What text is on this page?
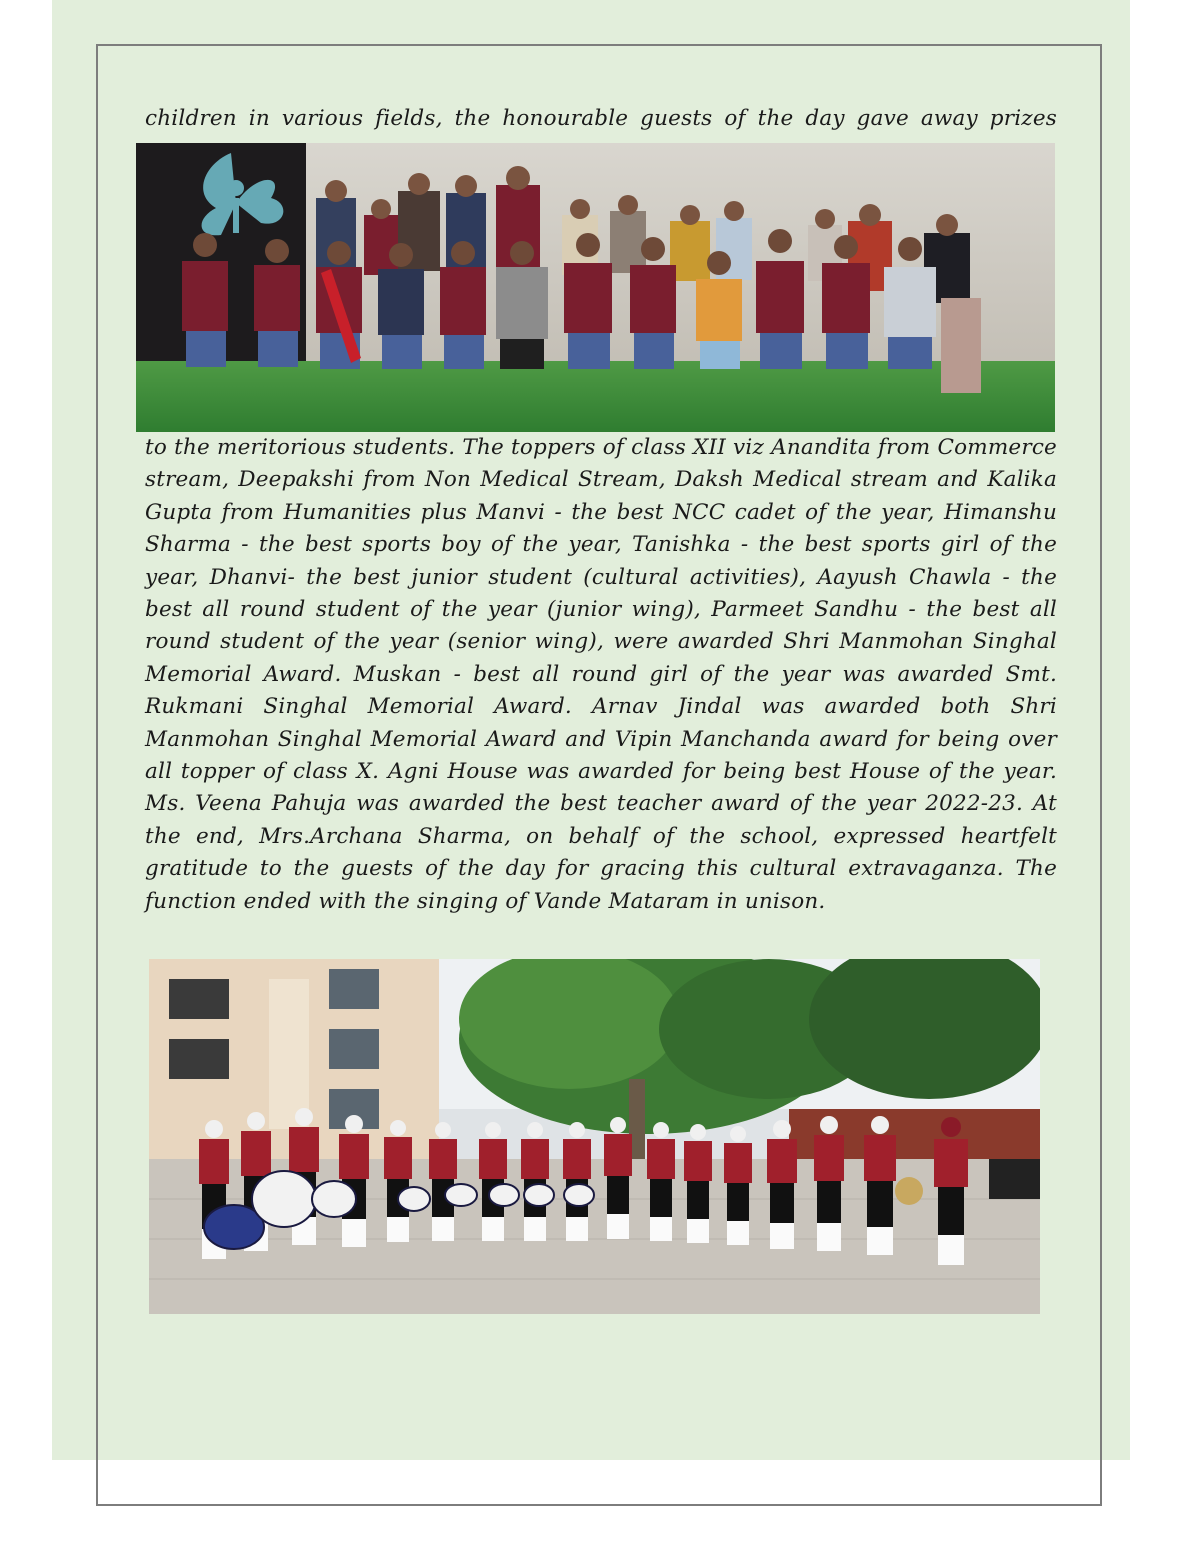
children in various fields, the honourable guests of the day gave away prizes
to the meritorious students. The toppers of class XII viz Anandita from Commerce stream, Deepakshi from Non Medical Stream, Daksh Medical stream and Kalika Gupta from Humanities plus Manvi - the best NCC cadet of the year, Himanshu Sharma - the best sports boy of the year, Tanishka - the best sports girl of the year, Dhanvi- the best junior student (cultural activities), Aayush Chawla - the best all round student of the year (junior wing), Parmeet Sandhu - the best all round student of the year (senior wing), were awarded Shri Manmohan Singhal Memorial Award. Muskan - best all round girl of the year was awarded Smt. Rukmani Singhal Memorial Award. Arnav Jindal was awarded both Shri Manmohan Singhal Memorial Award and Vipin Manchanda award for being over all topper of class X. Agni House was awarded for being best House of the year. Ms. Veena Pahuja was awarded the best teacher award of the year 2022-23. At the end, Mrs.Archana Sharma, on behalf of the school, expressed heartfelt gratitude to the guests of the day for gracing this cultural extravaganza. The function ended with the singing of Vande Mataram in unison.
